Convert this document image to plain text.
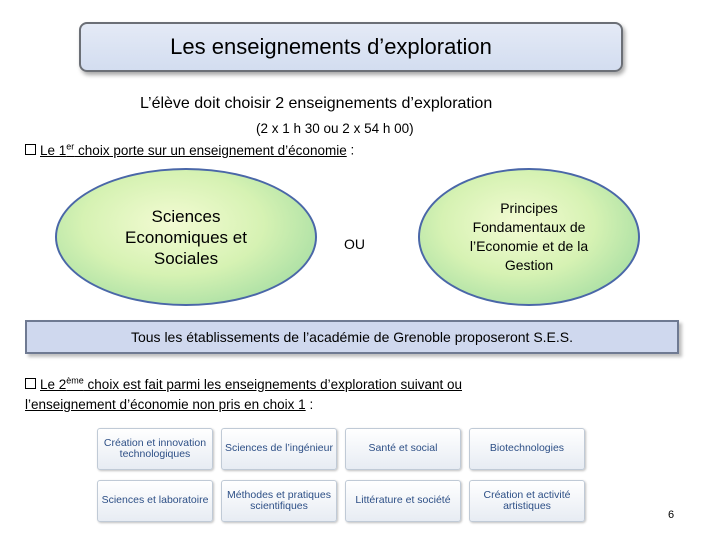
Les enseignements d’exploration
L’élève doit choisir 2 enseignements d’exploration
(2 x 1 h 30 ou 2 x 54 h 00)
Le 1er choix porte sur un enseignement d’économie :
Sciences Economiques et Sociales
OU
Principes Fondamentaux de l’Economie et de la Gestion
Tous les établissements de l’académie de Grenoble proposeront S.E.S.
Le 2ème choix est fait parmi les enseignements d’exploration suivant ou
l’enseignement d’économie non pris en choix 1 :
Création et innovation technologiques	Sciences de l’ingénieur	Santé et social	Biotechnologies
Sciences et laboratoire	Méthodes et pratiques scientifiques	Littérature et société	Création et activité artistiques
6
